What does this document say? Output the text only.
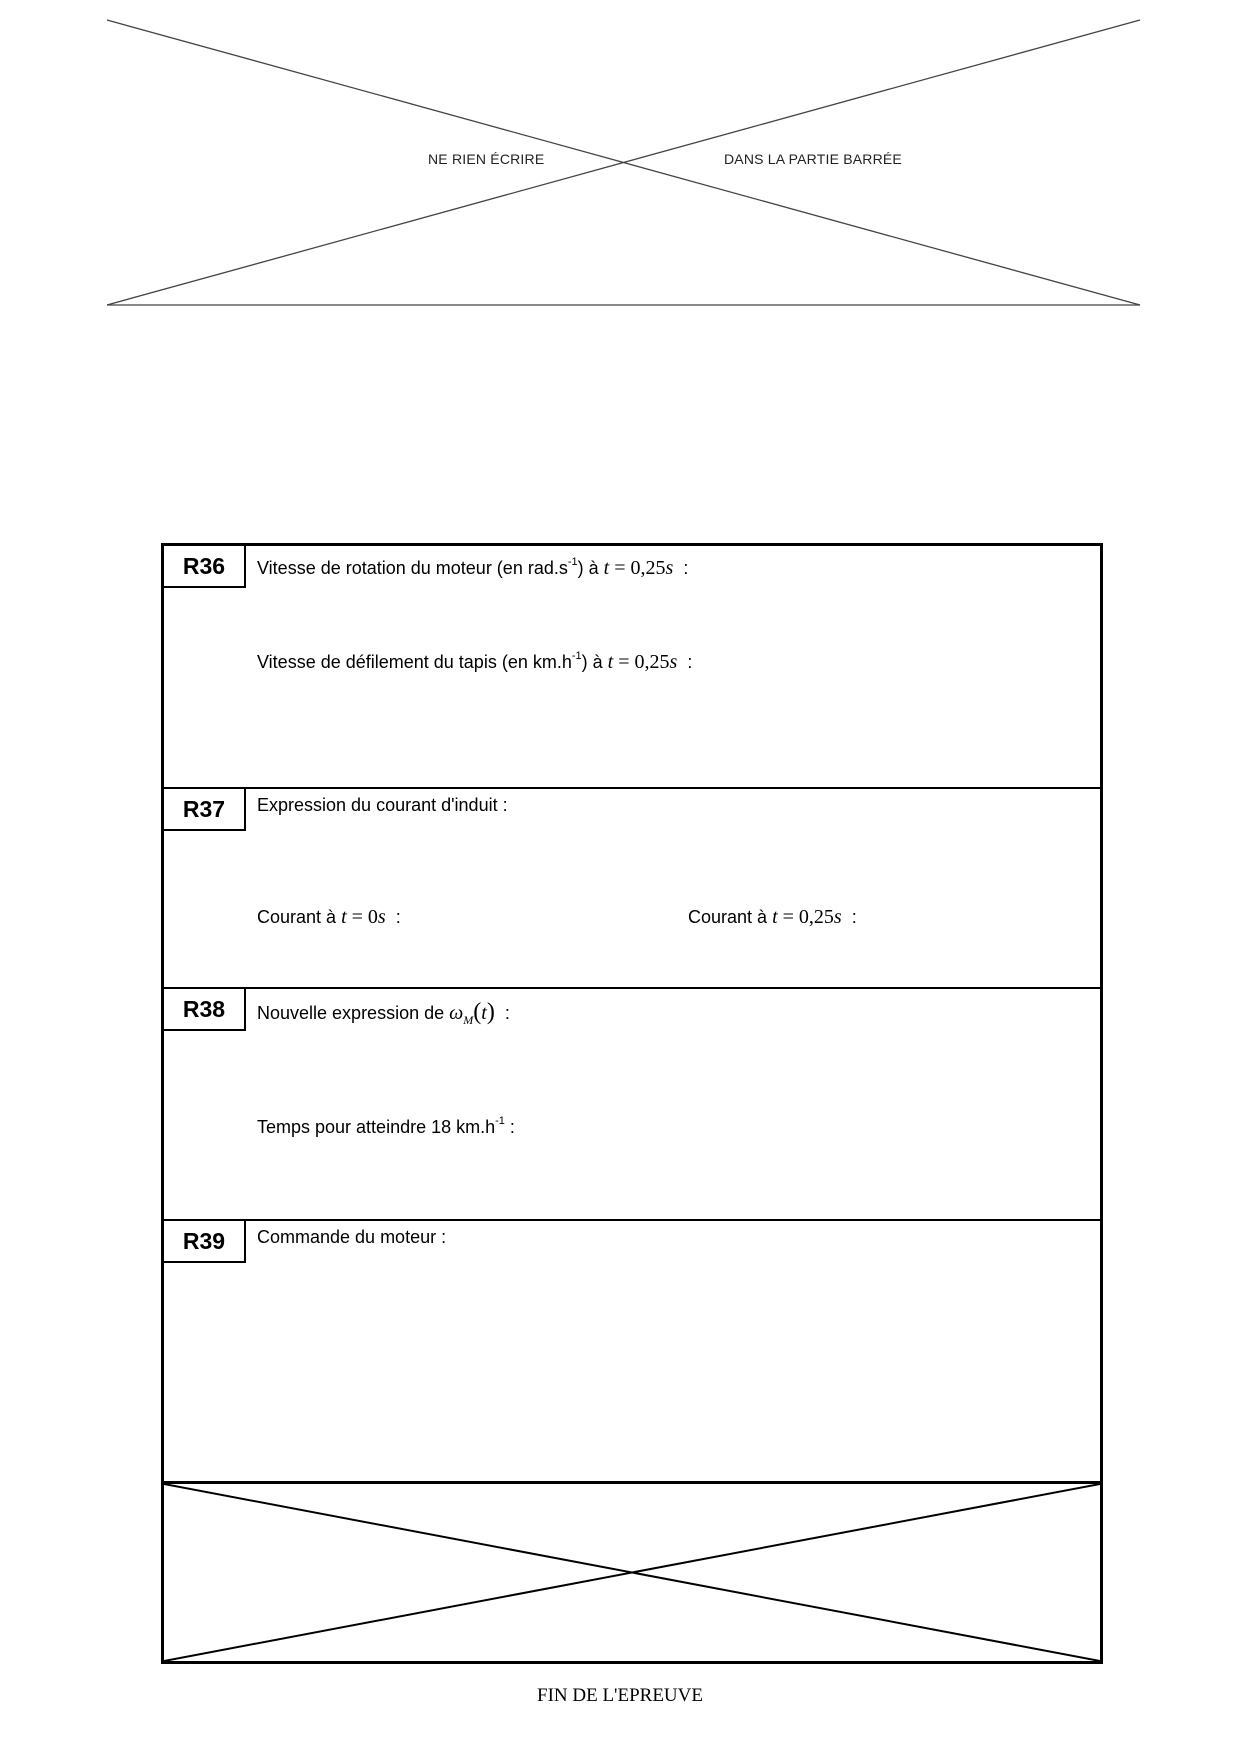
NE RIEN ÉCRIRE	DANS LA PARTIE BARRÉE
R36	Vitesse de rotation du moteur (en $rad.s^{-1}$) à t = 0,25s :
Vitesse de défilement du tapis (en $km.h^{-1}$) à t = 0,25s :
R37	Expression du courant d'induit :
Courant à t = 0s :	Courant à t = 0,25s :
R38	Nouvelle expression de $\omega_M(t)$ :
Temps pour atteindre 18 $km.h^{-1}$ :
R39	Commande du moteur :
FIN DE L'EPREUVE
